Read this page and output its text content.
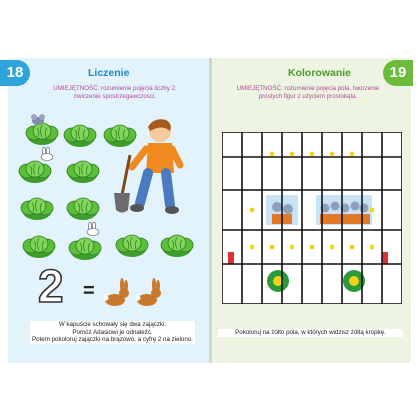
18	Liczenie
UMIEJĘTNOŚĆ: rozumienie pojęcia liczby 2,
ćwiczenie spostrzegawczości.
2 =
W kapuście schowały się dwa zajączki.
Pomóż Adasiowi je odnaleźć.
Potem pokoloruj zajączki na brązowo, a cyfrę 2 na zielono.
19
Kolorowanie
UMIEJĘTNOŚĆ: rozumienie pojęcia pola, tworzenie
prostych figur z użyciem prostokąta.
Pokoloruj na żółto pola, w których widzisz żółtą kropkę.
